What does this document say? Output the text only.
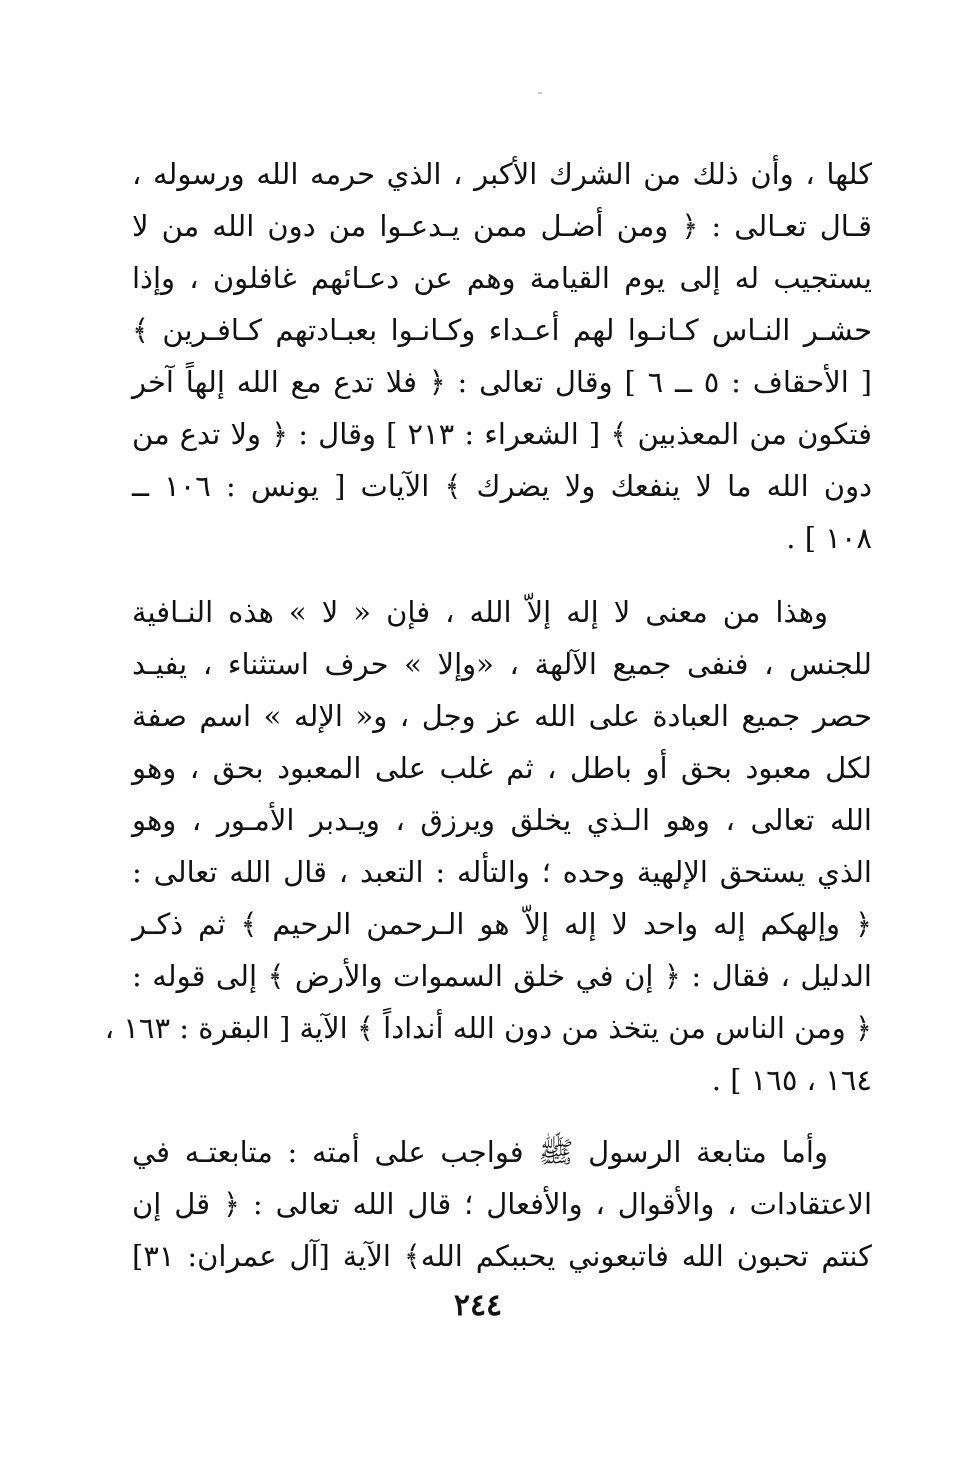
كلها ، وأن ذلك من الشرك الأكبر ، الذي حرمه الله ورسوله ،
قـال تعـالى : ﴿ ومن أضـل ممن يـدعـوا من دون الله من لا
يستجيب له إلى يوم القيامة وهم عن دعـائهم غافلون ، وإذا
حشـر النـاس كـانـوا لهم أعـداء وكـانـوا بعبـادتهم كـافـرين ﴾
[ الأحقاف : ٥ ــ ٦ ] وقال تعالى : ﴿ فلا تدع مع الله إلهاً آخر
فتكون من المعذبين ﴾ [ الشعراء : ٢١٣ ] وقال : ﴿ ولا تدع من
دون الله ما لا ينفعك ولا يضرك ﴾ الآيات [ يونس : ١٠٦ ــ
١٠٨ ] .
وهذا من معنى لا إله إلاّ الله ، فإن « لا » هذه النـافية
للجنس ، فنفى جميع الآلهة ، «وإلا » حرف استثناء ، يفيـد
حصر جميع العبادة على الله عز وجل ، و« الإله » اسم صفة
لكل معبود بحق أو باطل ، ثم غلب على المعبود بحق ، وهو
الله تعالى ، وهو الـذي يخلق ويرزق ، ويـدبر الأمـور ، وهو
الذي يستحق الإلهية وحده ؛ والتأله : التعبد ، قال الله تعالى :
﴿ وإلهكم إله واحد لا إله إلاّ هو الـرحمن الرحيم ﴾ ثم ذكـر
الدليل ، فقال : ﴿ إن في خلق السموات والأرض ﴾ إلى قوله :
﴿ ومن الناس من يتخذ من دون الله أنداداً ﴾ الآية [ البقرة : ١٦٣ ،
١٦٤ ، ١٦٥ ] .
وأما متابعة الرسول ﷺ فواجب على أمته : متابعتـه في
الاعتقادات ، والأقوال ، والأفعال ؛ قال الله تعالى : ﴿ قل إن
كنتم تحبون الله فاتبعوني يحببكم الله﴾ الآية [آل عمران: ٣١]
٢٤٤
